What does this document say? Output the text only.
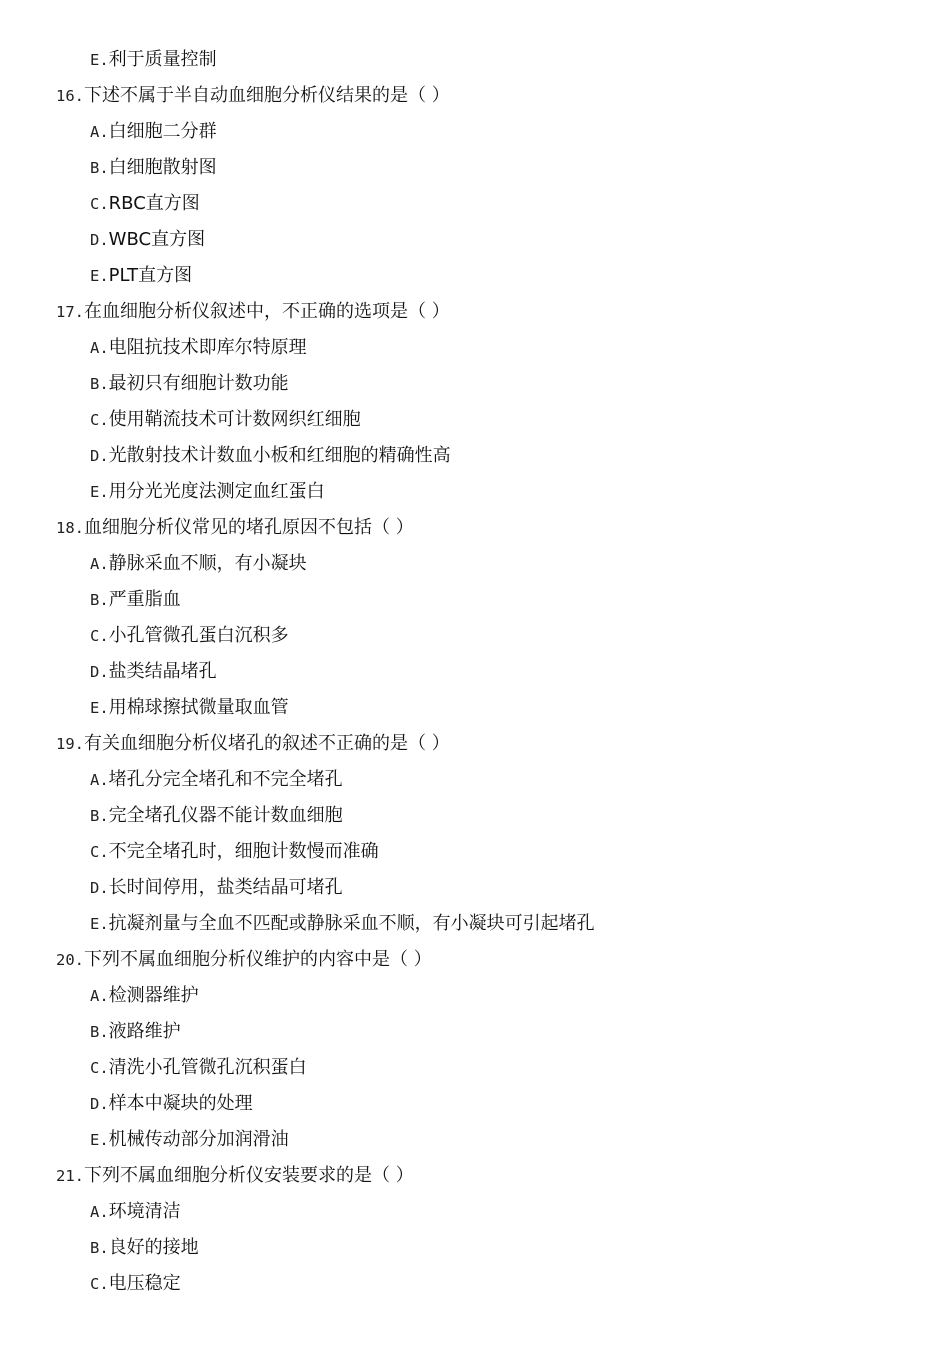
E.利于质量控制
16.下述不属于半自动血细胞分析仪结果的是（ ）
A.白细胞二分群
B.白细胞散射图
C.RBC直方图
D.WBC直方图
E.PLT直方图
17.在血细胞分析仪叙述中，不正确的选项是（ ）
A.电阻抗技术即库尔特原理
B.最初只有细胞计数功能
C.使用鞘流技术可计数网织红细胞
D.光散射技术计数血小板和红细胞的精确性高
E.用分光光度法测定血红蛋白
18.血细胞分析仪常见的堵孔原因不包括（ ）
A.静脉采血不顺，有小凝块
B.严重脂血
C.小孔管微孔蛋白沉积多
D.盐类结晶堵孔
E.用棉球擦拭微量取血管
19.有关血细胞分析仪堵孔的叙述不正确的是（ ）
A.堵孔分完全堵孔和不完全堵孔
B.完全堵孔仪器不能计数血细胞
C.不完全堵孔时，细胞计数慢而准确
D.长时间停用，盐类结晶可堵孔
E.抗凝剂量与全血不匹配或静脉采血不顺，有小凝块可引起堵孔
20.下列不属血细胞分析仪维护的内容中是（ ）
A.检测器维护
B.液路维护
C.清洗小孔管微孔沉积蛋白
D.样本中凝块的处理
E.机械传动部分加润滑油
21.下列不属血细胞分析仪安装要求的是（ ）
A.环境清洁
B.良好的接地
C.电压稳定
